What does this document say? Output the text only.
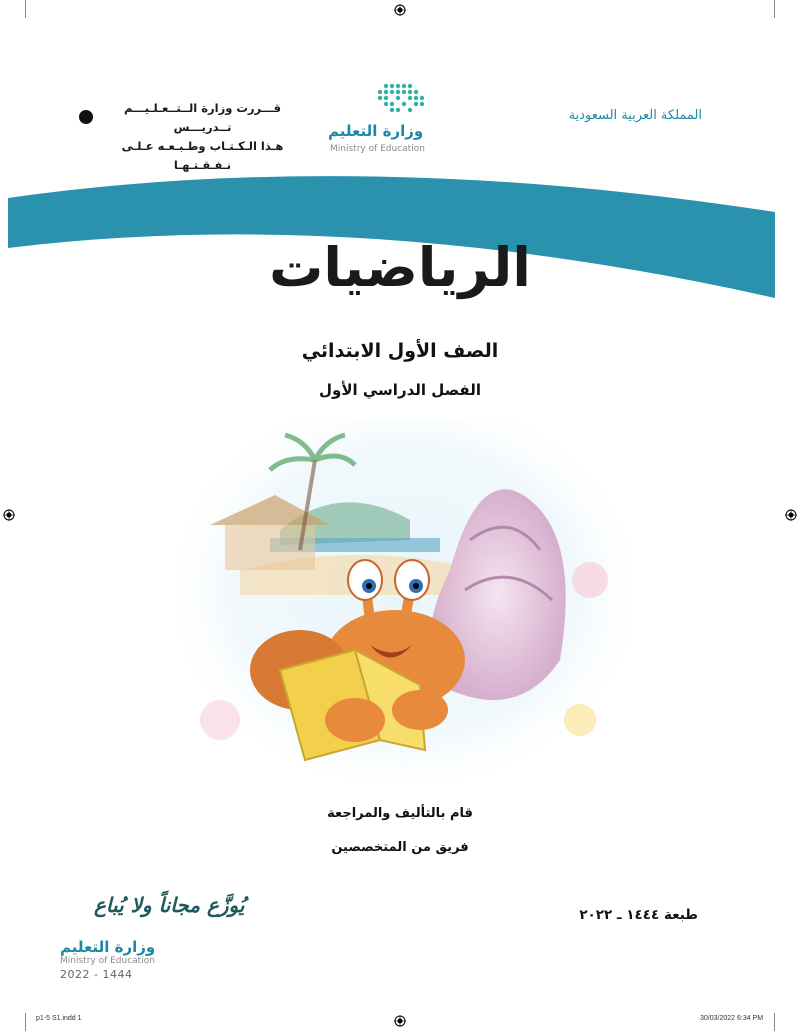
المملكة العربية السعودية
وزارة التعليم
Ministry of Education
قـــررت وزارة الــتــعـلـيـــم تــدريـــس
هـذا الـكـتـاب وطـبـعـه عـلـى نـفـقـتـهـا
الرياضيات
الصف الأول الابتدائي
الفصل الدراسي الأول
قام بالتأليف والمراجعة
فريق من المتخصصين
طبعة ١٤٤٤ ـ ٢٠٢٢
يُوزَّع مجاناً ولا يُباع
وزارة التعليم
Ministry of Education
2022 - 1444
p1-5 S1.indd 1	30/03/2022 6:34 PM
